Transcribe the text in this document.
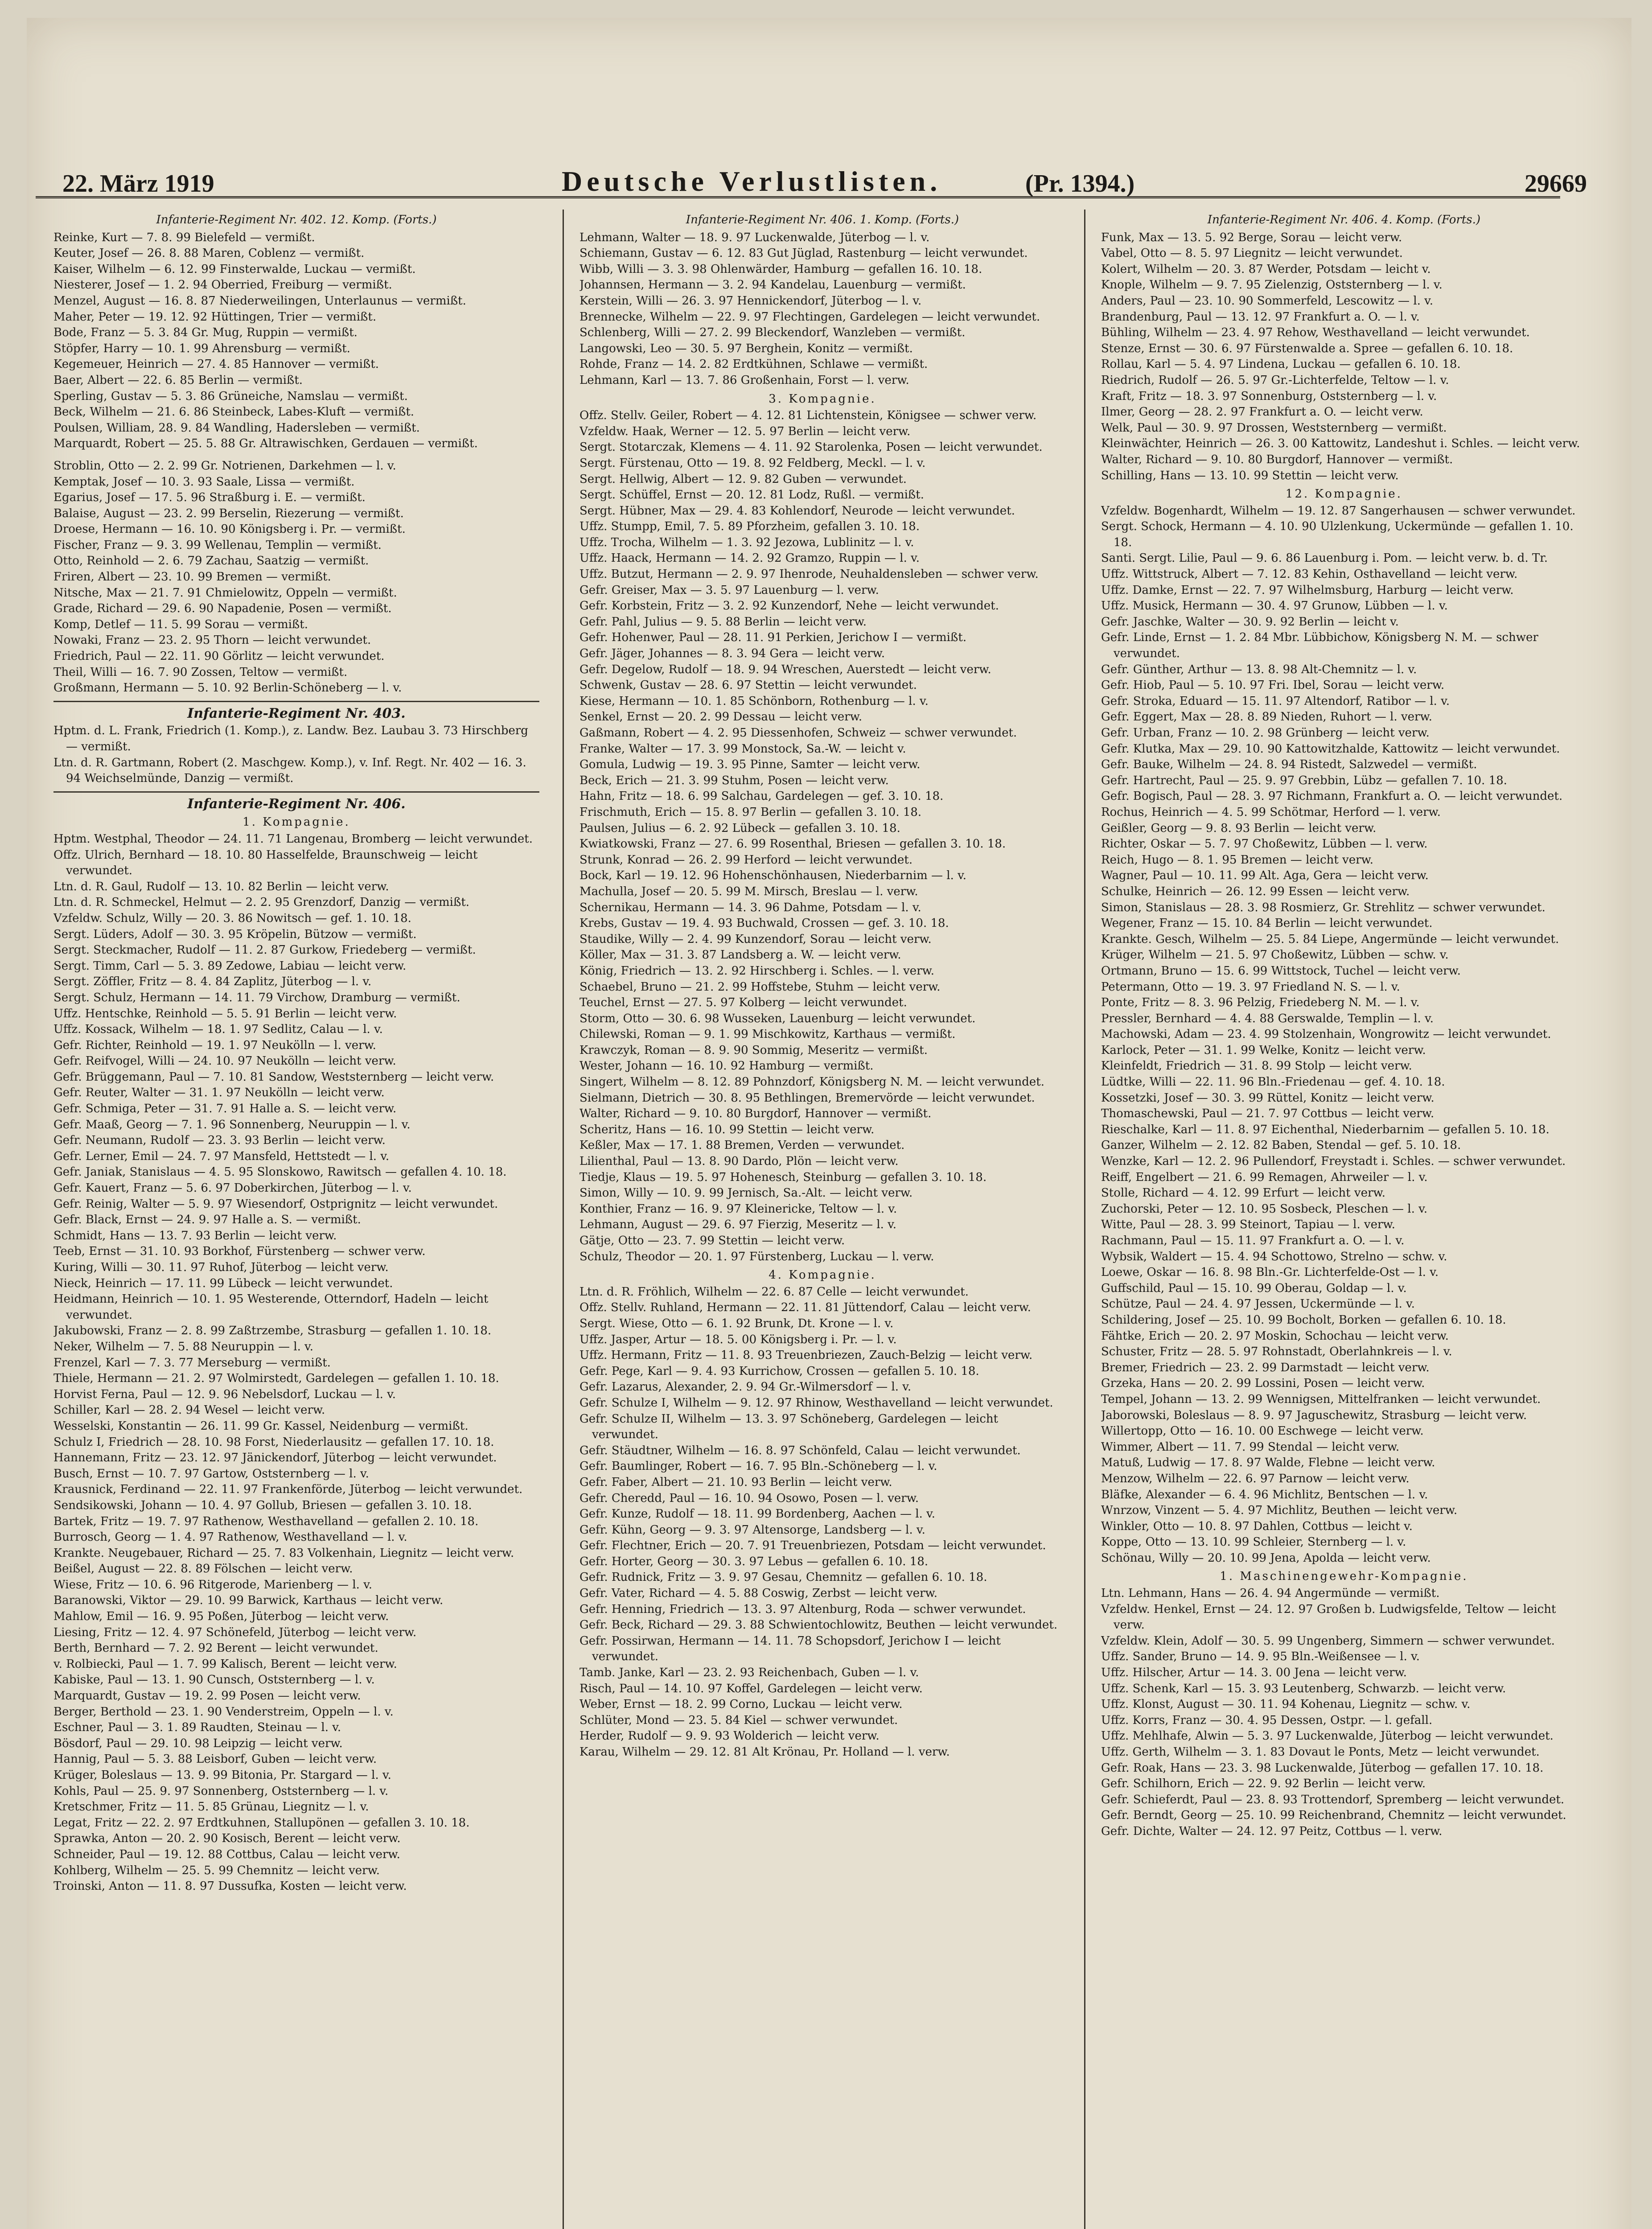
22. März 1919	Deutsche Verlustlisten.	(Pr. 1394.)	29669

Infanterie-Regiment Nr. 402. 12. Komp. (Forts.)

Reinke, Kurt — 7. 8. 99 Bielefeld — vermißt.

Keuter, Josef — 26. 8. 88 Maren, Coblenz — vermißt.

Kaiser, Wilhelm — 6. 12. 99 Finsterwalde, Luckau — vermißt.

Niesterer, Josef — 1. 2. 94 Oberried, Freiburg — vermißt.

Menzel, August — 16. 8. 87 Niederweilingen, Unterlaunus — vermißt.

Maher, Peter — 19. 12. 92 Hüttingen, Trier — vermißt.

Bode, Franz — 5. 3. 84 Gr. Mug, Ruppin — vermißt.

Stöpfer, Harry — 10. 1. 99 Ahrensburg — vermißt.

Kegemeuer, Heinrich — 27. 4. 85 Hannover — vermißt.

Baer, Albert — 22. 6. 85 Berlin — vermißt.

Sperling, Gustav — 5. 3. 86 Grüneiche, Namslau — vermißt.

Beck, Wilhelm — 21. 6. 86 Steinbeck, Labes-Kluft — vermißt.

Poulsen, William, 28. 9. 84 Wandling, Hadersleben — vermißt.

Marquardt, Robert — 25. 5. 88 Gr. Altrawischken, Gerdauen — vermißt.

Stroblin, Otto — 2. 2. 99 Gr. Notrienen, Darkehmen — l. v.

Kemptak, Josef — 10. 3. 93 Saale, Lissa — vermißt.

Egarius, Josef — 17. 5. 96 Straßburg i. E. — vermißt.

Balaise, August — 23. 2. 99 Berselin, Riezerung — vermißt.

Droese, Hermann — 16. 10. 90 Königsberg i. Pr. — vermißt.

Fischer, Franz — 9. 3. 99 Wellenau, Templin — vermißt.

Otto, Reinhold — 2. 6. 79 Zachau, Saatzig — vermißt.

Friren, Albert — 23. 10. 99 Bremen — vermißt.

Nitsche, Max — 21. 7. 91 Chmielowitz, Oppeln — vermißt.

Grade, Richard — 29. 6. 90 Napadenie, Posen — vermißt.

Komp, Detlef — 11. 5. 99 Sorau — vermißt.

Nowaki, Franz — 23. 2. 95 Thorn — leicht verwundet.

Friedrich, Paul — 22. 11. 90 Görlitz — leicht verwundet.

Theil, Willi — 16. 7. 90 Zossen, Teltow — vermißt.

Großmann, Hermann — 5. 10. 92 Berlin-Schöneberg — l. v.

Infanterie-Regiment Nr. 403.

Hptm. d. L. Frank, Friedrich (1. Komp.), z. Landw. Bez. Laubau 3. 73 Hirschberg — vermißt.

Ltn. d. R. Gartmann, Robert (2. Maschgew. Komp.), v. Inf. Regt. Nr. 402 — 16. 3. 94 Weichselmünde, Danzig — vermißt.

Infanterie-Regiment Nr. 406.

1. Kompagnie.

Hptm. Westphal, Theodor — 24. 11. 71 Langenau, Bromberg — leicht verwundet.

Offz. Ulrich, Bernhard — 18. 10. 80 Hasselfelde, Braunschweig — leicht verwundet.

Ltn. d. R. Gaul, Rudolf — 13. 10. 82 Berlin — leicht verw.

Ltn. d. R. Schmeckel, Helmut — 2. 2. 95 Grenzdorf, Danzig — vermißt.

Vzfeldw. Schulz, Willy — 20. 3. 86 Nowitsch — gef. 1. 10. 18.

Sergt. Lüders, Adolf — 30. 3. 95 Kröpelin, Bützow — vermißt.

Sergt. Steckmacher, Rudolf — 11. 2. 87 Gurkow, Friedeberg — vermißt.

Sergt. Timm, Carl — 5. 3. 89 Zedowe, Labiau — leicht verw.

Sergt. Zöffler, Fritz — 8. 4. 84 Zaplitz, Jüterbog — l. v.

Sergt. Schulz, Hermann — 14. 11. 79 Virchow, Dramburg — vermißt.

Uffz. Hentschke, Reinhold — 5. 5. 91 Berlin — leicht verw.

Uffz. Kossack, Wilhelm — 18. 1. 97 Sedlitz, Calau — l. v.

Gefr. Richter, Reinhold — 19. 1. 97 Neukölln — l. verw.

Gefr. Reifvogel, Willi — 24. 10. 97 Neukölln — leicht verw.

Gefr. Brüggemann, Paul — 7. 10. 81 Sandow, Weststernberg — leicht verw.

Gefr. Reuter, Walter — 31. 1. 97 Neukölln — leicht verw.

Gefr. Schmiga, Peter — 31. 7. 91 Halle a. S. — leicht verw.

Gefr. Maaß, Georg — 7. 1. 96 Sonnenberg, Neuruppin — l. v.

Gefr. Neumann, Rudolf — 23. 3. 93 Berlin — leicht verw.

Gefr. Lerner, Emil — 24. 7. 97 Mansfeld, Hettstedt — l. v.

Gefr. Janiak, Stanislaus — 4. 5. 95 Slonskowo, Rawitsch — gefallen 4. 10. 18.

Gefr. Kauert, Franz — 5. 6. 97 Doberkirchen, Jüterbog — l. v.

Gefr. Reinig, Walter — 5. 9. 97 Wiesendorf, Ostprignitz — leicht verwundet.

Gefr. Black, Ernst — 24. 9. 97 Halle a. S. — vermißt.

Schmidt, Hans — 13. 7. 93 Berlin — leicht verw.

Teeb, Ernst — 31. 10. 93 Borkhof, Fürstenberg — schwer verw.

Kuring, Willi — 30. 11. 97 Ruhof, Jüterbog — leicht verw.

Nieck, Heinrich — 17. 11. 99 Lübeck — leicht verwundet.

Heidmann, Heinrich — 10. 1. 95 Westerende, Otterndorf, Hadeln — leicht verwundet.

Jakubowski, Franz — 2. 8. 99 Zaßtrzembe, Strasburg — gefallen 1. 10. 18.

Neker, Wilhelm — 7. 5. 88 Neuruppin — l. v.

Frenzel, Karl — 7. 3. 77 Merseburg — vermißt.

Thiele, Hermann — 21. 2. 97 Wolmirstedt, Gardelegen — gefallen 1. 10. 18.

Horvist Ferna, Paul — 12. 9. 96 Nebelsdorf, Luckau — l. v.

Schiller, Karl — 28. 2. 94 Wesel — leicht verw.

Wesselski, Konstantin — 26. 11. 99 Gr. Kassel, Neidenburg — vermißt.

Schulz I, Friedrich — 28. 10. 98 Forst, Niederlausitz — gefallen 17. 10. 18.

Hannemann, Fritz — 23. 12. 97 Jänickendorf, Jüterbog — leicht verwundet.

Busch, Ernst — 10. 7. 97 Gartow, Oststernberg — l. v.

Krausnick, Ferdinand — 22. 11. 97 Frankenförde, Jüterbog — leicht verwundet.

Sendsikowski, Johann — 10. 4. 97 Gollub, Briesen — gefallen 3. 10. 18.

Bartek, Fritz — 19. 7. 97 Rathenow, Westhavelland — gefallen 2. 10. 18.

Burrosch, Georg — 1. 4. 97 Rathenow, Westhavelland — l. v.

Krankte. Neugebauer, Richard — 25. 7. 83 Volkenhain, Liegnitz — leicht verw.

Beißel, August — 22. 8. 89 Fölschen — leicht verw.

Wiese, Fritz — 10. 6. 96 Ritgerode, Marienberg — l. v.

Baranowski, Viktor — 29. 10. 99 Barwick, Karthaus — leicht verw.

Mahlow, Emil — 16. 9. 95 Poßen, Jüterbog — leicht verw.

Liesing, Fritz — 12. 4. 97 Schönefeld, Jüterbog — leicht verw.

Berth, Bernhard — 7. 2. 92 Berent — leicht verwundet.

v. Rolbiecki, Paul — 1. 7. 99 Kalisch, Berent — leicht verw.

Kabiske, Paul — 13. 1. 90 Cunsch, Oststernberg — l. v.

Marquardt, Gustav — 19. 2. 99 Posen — leicht verw.

Berger, Berthold — 23. 1. 90 Venderstreim, Oppeln — l. v.

Eschner, Paul — 3. 1. 89 Raudten, Steinau — l. v.

Bösdorf, Paul — 29. 10. 98 Leipzig — leicht verw.

Hannig, Paul — 5. 3. 88 Leisborf, Guben — leicht verw.

Krüger, Boleslaus — 13. 9. 99 Bitonia, Pr. Stargard — l. v.

Kohls, Paul — 25. 9. 97 Sonnenberg, Oststernberg — l. v.

Kretschmer, Fritz — 11. 5. 85 Grünau, Liegnitz — l. v.

Legat, Fritz — 22. 2. 97 Erdtkuhnen, Stallupönen — gefallen 3. 10. 18.

Sprawka, Anton — 20. 2. 90 Kosisch, Berent — leicht verw.

Schneider, Paul — 19. 12. 88 Cottbus, Calau — leicht verw.

Kohlberg, Wilhelm — 25. 5. 99 Chemnitz — leicht verw.

Troinski, Anton — 11. 8. 97 Dussufka, Kosten — leicht verw.

Infanterie-Regiment Nr. 406. 1. Komp. (Forts.)

Lehmann, Walter — 18. 9. 97 Luckenwalde, Jüterbog — l. v.

Schiemann, Gustav — 6. 12. 83 Gut Jüglad, Rastenburg — leicht verwundet.

Wibb, Willi — 3. 3. 98 Ohlenwärder, Hamburg — gefallen 16. 10. 18.

Johannsen, Hermann — 3. 2. 94 Kandelau, Lauenburg — vermißt.

Kerstein, Willi — 26. 3. 97 Hennickendorf, Jüterbog — l. v.

Brennecke, Wilhelm — 22. 9. 97 Flechtingen, Gardelegen — leicht verwundet.

Schlenberg, Willi — 27. 2. 99 Bleckendorf, Wanzleben — vermißt.

Langowski, Leo — 30. 5. 97 Berghein, Konitz — vermißt.

Rohde, Franz — 14. 2. 82 Erdtkühnen, Schlawe — vermißt.

Lehmann, Karl — 13. 7. 86 Großenhain, Forst — l. verw.

3. Kompagnie.

Offz. Stellv. Geiler, Robert — 4. 12. 81 Lichtenstein, Königsee — schwer verw.

Vzfeldw. Haak, Werner — 12. 5. 97 Berlin — leicht verw.

Sergt. Stotarczak, Klemens — 4. 11. 92 Starolenka, Posen — leicht verwundet.

Sergt. Fürstenau, Otto — 19. 8. 92 Feldberg, Meckl. — l. v.

Sergt. Hellwig, Albert — 12. 9. 82 Guben — verwundet.

Sergt. Schüffel, Ernst — 20. 12. 81 Lodz, Rußl. — vermißt.

Sergt. Hübner, Max — 29. 4. 83 Kohlendorf, Neurode — leicht verwundet.

Uffz. Stumpp, Emil, 7. 5. 89 Pforzheim, gefallen 3. 10. 18.

Uffz. Trocha, Wilhelm — 1. 3. 92 Jezowa, Lublinitz — l. v.

Uffz. Haack, Hermann — 14. 2. 92 Gramzo, Ruppin — l. v.

Uffz. Butzut, Hermann — 2. 9. 97 Ihenrode, Neuhaldensleben — schwer verw.

Gefr. Greiser, Max — 3. 5. 97 Lauenburg — l. verw.

Gefr. Korbstein, Fritz — 3. 2. 92 Kunzendorf, Nehe — leicht verwundet.

Gefr. Pahl, Julius — 9. 5. 88 Berlin — leicht verw.

Gefr. Hohenwer, Paul — 28. 11. 91 Perkien, Jerichow I — vermißt.

Gefr. Jäger, Johannes — 8. 3. 94 Gera — leicht verw.

Gefr. Degelow, Rudolf — 18. 9. 94 Wreschen, Auerstedt — leicht verw.

Schwenk, Gustav — 28. 6. 97 Stettin — leicht verwundet.

Kiese, Hermann — 10. 1. 85 Schönborn, Rothenburg — l. v.

Senkel, Ernst — 20. 2. 99 Dessau — leicht verw.

Gaßmann, Robert — 4. 2. 95 Diessenhofen, Schweiz — schwer verwundet.

Franke, Walter — 17. 3. 99 Monstock, Sa.-W. — leicht v.

Gomula, Ludwig — 19. 3. 95 Pinne, Samter — leicht verw.

Beck, Erich — 21. 3. 99 Stuhm, Posen — leicht verw.

Hahn, Fritz — 18. 6. 99 Salchau, Gardelegen — gef. 3. 10. 18.

Frischmuth, Erich — 15. 8. 97 Berlin — gefallen 3. 10. 18.

Paulsen, Julius — 6. 2. 92 Lübeck — gefallen 3. 10. 18.

Kwiatkowski, Franz — 27. 6. 99 Rosenthal, Briesen — gefallen 3. 10. 18.

Strunk, Konrad — 26. 2. 99 Herford — leicht verwundet.

Bock, Karl — 19. 12. 96 Hohenschönhausen, Niederbarnim — l. v.

Machulla, Josef — 20. 5. 99 M. Mirsch, Breslau — l. verw.

Schernikau, Hermann — 14. 3. 96 Dahme, Potsdam — l. v.

Krebs, Gustav — 19. 4. 93 Buchwald, Crossen — gef. 3. 10. 18.

Staudike, Willy — 2. 4. 99 Kunzendorf, Sorau — leicht verw.

Köller, Max — 31. 3. 87 Landsberg a. W. — leicht verw.

König, Friedrich — 13. 2. 92 Hirschberg i. Schles. — l. verw.

Schaebel, Bruno — 21. 2. 99 Hoffstebe, Stuhm — leicht verw.

Teuchel, Ernst — 27. 5. 97 Kolberg — leicht verwundet.

Storm, Otto — 30. 6. 98 Wusseken, Lauenburg — leicht verwundet.

Chilewski, Roman — 9. 1. 99 Mischkowitz, Karthaus — vermißt.

Krawczyk, Roman — 8. 9. 90 Sommig, Meseritz — vermißt.

Wester, Johann — 16. 10. 92 Hamburg — vermißt.

Singert, Wilhelm — 8. 12. 89 Pohnzdorf, Königsberg N. M. — leicht verwundet.

Sielmann, Dietrich — 30. 8. 95 Bethlingen, Bremervörde — leicht verwundet.

Walter, Richard — 9. 10. 80 Burgdorf, Hannover — vermißt.

Scheritz, Hans — 16. 10. 99 Stettin — leicht verw.

Keßler, Max — 17. 1. 88 Bremen, Verden — verwundet.

Lilienthal, Paul — 13. 8. 90 Dardo, Plön — leicht verw.

Tiedje, Klaus — 19. 5. 97 Hohenesch, Steinburg — gefallen 3. 10. 18.

Simon, Willy — 10. 9. 99 Jernisch, Sa.-Alt. — leicht verw.

Konthier, Franz — 16. 9. 97 Kleinericke, Teltow — l. v.

Lehmann, August — 29. 6. 97 Fierzig, Meseritz — l. v.

Gätje, Otto — 23. 7. 99 Stettin — leicht verw.

Schulz, Theodor — 20. 1. 97 Fürstenberg, Luckau — l. verw.

4. Kompagnie.

Ltn. d. R. Fröhlich, Wilhelm — 22. 6. 87 Celle — leicht verwundet.

Offz. Stellv. Ruhland, Hermann — 22. 11. 81 Jüttendorf, Calau — leicht verw.

Sergt. Wiese, Otto — 6. 1. 92 Brunk, Dt. Krone — l. v.

Uffz. Jasper, Artur — 18. 5. 00 Königsberg i. Pr. — l. v.

Uffz. Hermann, Fritz — 11. 8. 93 Treuenbriezen, Zauch-Belzig — leicht verw.

Gefr. Pege, Karl — 9. 4. 93 Kurrichow, Crossen — gefallen 5. 10. 18.

Gefr. Lazarus, Alexander, 2. 9. 94 Gr.-Wilmersdorf — l. v.

Gefr. Schulze I, Wilhelm — 9. 12. 97 Rhinow, Westhavelland — leicht verwundet.

Gefr. Schulze II, Wilhelm — 13. 3. 97 Schöneberg, Gardelegen — leicht verwundet.

Gefr. Stäudtner, Wilhelm — 16. 8. 97 Schönfeld, Calau — leicht verwundet.

Gefr. Baumlinger, Robert — 16. 7. 95 Bln.-Schöneberg — l. v.

Gefr. Faber, Albert — 21. 10. 93 Berlin — leicht verw.

Gefr. Cheredd, Paul — 16. 10. 94 Osowo, Posen — l. verw.

Gefr. Kunze, Rudolf — 18. 11. 99 Bordenberg, Aachen — l. v.

Gefr. Kühn, Georg — 9. 3. 97 Altensorge, Landsberg — l. v.

Gefr. Flechtner, Erich — 20. 7. 91 Treuenbriezen, Potsdam — leicht verwundet.

Gefr. Horter, Georg — 30. 3. 97 Lebus — gefallen 6. 10. 18.

Gefr. Rudnick, Fritz — 3. 9. 97 Gesau, Chemnitz — gefallen 6. 10. 18.

Gefr. Vater, Richard — 4. 5. 88 Coswig, Zerbst — leicht verw.

Gefr. Henning, Friedrich — 13. 3. 97 Altenburg, Roda — schwer verwundet.

Gefr. Beck, Richard — 29. 3. 88 Schwientochlowitz, Beuthen — leicht verwundet.

Gefr. Possirwan, Hermann — 14. 11. 78 Schopsdorf, Jerichow I — leicht verwundet.

Tamb. Janke, Karl — 23. 2. 93 Reichenbach, Guben — l. v.

Risch, Paul — 14. 10. 97 Koffel, Gardelegen — leicht verw.

Weber, Ernst — 18. 2. 99 Corno, Luckau — leicht verw.

Schlüter, Mond — 23. 5. 84 Kiel — schwer verwundet.

Herder, Rudolf — 9. 9. 93 Wolderich — leicht verw.

Karau, Wilhelm — 29. 12. 81 Alt Krönau, Pr. Holland — l. verw.

Infanterie-Regiment Nr. 406. 4. Komp. (Forts.)

Funk, Max — 13. 5. 92 Berge, Sorau — leicht verw.

Vabel, Otto — 8. 5. 97 Liegnitz — leicht verwundet.

Kolert, Wilhelm — 20. 3. 87 Werder, Potsdam — leicht v.

Knople, Wilhelm — 9. 7. 95 Zielenzig, Oststernberg — l. v.

Anders, Paul — 23. 10. 90 Sommerfeld, Lescowitz — l. v.

Brandenburg, Paul — 13. 12. 97 Frankfurt a. O. — l. v.

Bühling, Wilhelm — 23. 4. 97 Rehow, Westhavelland — leicht verwundet.

Stenze, Ernst — 30. 6. 97 Fürstenwalde a. Spree — gefallen 6. 10. 18.

Rollau, Karl — 5. 4. 97 Lindena, Luckau — gefallen 6. 10. 18.

Riedrich, Rudolf — 26. 5. 97 Gr.-Lichterfelde, Teltow — l. v.

Kraft, Fritz — 18. 3. 97 Sonnenburg, Oststernberg — l. v.

Ilmer, Georg — 28. 2. 97 Frankfurt a. O. — leicht verw.

Welk, Paul — 30. 9. 97 Drossen, Weststernberg — vermißt.

Kleinwächter, Heinrich — 26. 3. 00 Kattowitz, Landeshut i. Schles. — leicht verw.

Walter, Richard — 9. 10. 80 Burgdorf, Hannover — vermißt.

Schilling, Hans — 13. 10. 99 Stettin — leicht verw.

12. Kompagnie.

Vzfeldw. Bogenhardt, Wilhelm — 19. 12. 87 Sangerhausen — schwer verwundet.

Sergt. Schock, Hermann — 4. 10. 90 Ulzlenkung, Uckermünde — gefallen 1. 10. 18.

Santi. Sergt. Lilie, Paul — 9. 6. 86 Lauenburg i. Pom. — leicht verw. b. d. Tr.

Uffz. Wittstruck, Albert — 7. 12. 83 Kehin, Osthavelland — leicht verw.

Uffz. Damke, Ernst — 22. 7. 97 Wilhelmsburg, Harburg — leicht verw.

Uffz. Musick, Hermann — 30. 4. 97 Grunow, Lübben — l. v.

Gefr. Jaschke, Walter — 30. 9. 92 Berlin — leicht v.

Gefr. Linde, Ernst — 1. 2. 84 Mbr. Lübbichow, Königsberg N. M. — schwer verwundet.

Gefr. Günther, Arthur — 13. 8. 98 Alt-Chemnitz — l. v.

Gefr. Hiob, Paul — 5. 10. 97 Fri. Ibel, Sorau — leicht verw.

Gefr. Stroka, Eduard — 15. 11. 97 Altendorf, Ratibor — l. v.

Gefr. Eggert, Max — 28. 8. 89 Nieden, Ruhort — l. verw.

Gefr. Urban, Franz — 10. 2. 98 Grünberg — leicht verw.

Gefr. Klutka, Max — 29. 10. 90 Kattowitzhalde, Kattowitz — leicht verwundet.

Gefr. Bauke, Wilhelm — 24. 8. 94 Ristedt, Salzwedel — vermißt.

Gefr. Hartrecht, Paul — 25. 9. 97 Grebbin, Lübz — gefallen 7. 10. 18.

Gefr. Bogisch, Paul — 28. 3. 97 Richmann, Frankfurt a. O. — leicht verwundet.

Rochus, Heinrich — 4. 5. 99 Schötmar, Herford — l. verw.

Geißler, Georg — 9. 8. 93 Berlin — leicht verw.

Richter, Oskar — 5. 7. 97 Choßewitz, Lübben — l. verw.

Reich, Hugo — 8. 1. 95 Bremen — leicht verw.

Wagner, Paul — 10. 11. 99 Alt. Aga, Gera — leicht verw.

Schulke, Heinrich — 26. 12. 99 Essen — leicht verw.

Simon, Stanislaus — 28. 3. 98 Rosmierz, Gr. Strehlitz — schwer verwundet.

Wegener, Franz — 15. 10. 84 Berlin — leicht verwundet.

Krankte. Gesch, Wilhelm — 25. 5. 84 Liepe, Angermünde — leicht verwundet.

Krüger, Wilhelm — 21. 5. 97 Choßewitz, Lübben — schw. v.

Ortmann, Bruno — 15. 6. 99 Wittstock, Tuchel — leicht verw.

Petermann, Otto — 19. 3. 97 Friedland N. S. — l. v.

Ponte, Fritz — 8. 3. 96 Pelzig, Friedeberg N. M. — l. v.

Pressler, Bernhard — 4. 4. 88 Gerswalde, Templin — l. v.

Machowski, Adam — 23. 4. 99 Stolzenhain, Wongrowitz — leicht verwundet.

Karlock, Peter — 31. 1. 99 Welke, Konitz — leicht verw.

Kleinfeldt, Friedrich — 31. 8. 99 Stolp — leicht verw.

Lüdtke, Willi — 22. 11. 96 Bln.-Friedenau — gef. 4. 10. 18.

Kossetzki, Josef — 30. 3. 99 Rüttel, Konitz — leicht verw.

Thomaschewski, Paul — 21. 7. 97 Cottbus — leicht verw.

Rieschalke, Karl — 11. 8. 97 Eichenthal, Niederbarnim — gefallen 5. 10. 18.

Ganzer, Wilhelm — 2. 12. 82 Baben, Stendal — gef. 5. 10. 18.

Wenzke, Karl — 12. 2. 96 Pullendorf, Freystadt i. Schles. — schwer verwundet.

Reiff, Engelbert — 21. 6. 99 Remagen, Ahrweiler — l. v.

Stolle, Richard — 4. 12. 99 Erfurt — leicht verw.

Zuchorski, Peter — 12. 10. 95 Sosbeck, Pleschen — l. v.

Witte, Paul — 28. 3. 99 Steinort, Tapiau — l. verw.

Rachmann, Paul — 15. 11. 97 Frankfurt a. O. — l. v.

Wybsik, Waldert — 15. 4. 94 Schottowo, Strelno — schw. v.

Loewe, Oskar — 16. 8. 98 Bln.-Gr. Lichterfelde-Ost — l. v.

Guffschild, Paul — 15. 10. 99 Oberau, Goldap — l. v.

Schütze, Paul — 24. 4. 97 Jessen, Uckermünde — l. v.

Schildering, Josef — 25. 10. 99 Bocholt, Borken — gefallen 6. 10. 18.

Fähtke, Erich — 20. 2. 97 Moskin, Schochau — leicht verw.

Schuster, Fritz — 28. 5. 97 Rohnstadt, Oberlahnkreis — l. v.

Bremer, Friedrich — 23. 2. 99 Darmstadt — leicht verw.

Grzeka, Hans — 20. 2. 99 Lossini, Posen — leicht verw.

Tempel, Johann — 13. 2. 99 Wennigsen, Mittelfranken — leicht verwundet.

Jaborowski, Boleslaus — 8. 9. 97 Jaguschewitz, Strasburg — leicht verw.

Willertopp, Otto — 16. 10. 00 Eschwege — leicht verw.

Wimmer, Albert — 11. 7. 99 Stendal — leicht verw.

Matuß, Ludwig — 17. 8. 97 Walde, Flebne — leicht verw.

Menzow, Wilhelm — 22. 6. 97 Parnow — leicht verw.

Bläfke, Alexander — 6. 4. 96 Michlitz, Bentschen — l. v.

Wnrzow, Vinzent — 5. 4. 97 Michlitz, Beuthen — leicht verw.

Winkler, Otto — 10. 8. 97 Dahlen, Cottbus — leicht v.

Koppe, Otto — 13. 10. 99 Schleier, Sternberg — l. v.

Schönau, Willy — 20. 10. 99 Jena, Apolda — leicht verw.

1. Maschinengewehr-Kompagnie.

Ltn. Lehmann, Hans — 26. 4. 94 Angermünde — vermißt.

Vzfeldw. Henkel, Ernst — 24. 12. 97 Großen b. Ludwigsfelde, Teltow — leicht verw.

Vzfeldw. Klein, Adolf — 30. 5. 99 Ungenberg, Simmern — schwer verwundet.

Uffz. Sander, Bruno — 14. 9. 95 Bln.-Weißensee — l. v.

Uffz. Hilscher, Artur — 14. 3. 00 Jena — leicht verw.

Uffz. Schenk, Karl — 15. 3. 93 Leutenberg, Schwarzb. — leicht verw.

Uffz. Klonst, August — 30. 11. 94 Kohenau, Liegnitz — schw. v.

Uffz. Korrs, Franz — 30. 4. 95 Dessen, Ostpr. — l. gefall.

Uffz. Mehlhafe, Alwin — 5. 3. 97 Luckenwalde, Jüterbog — leicht verwundet.

Uffz. Gerth, Wilhelm — 3. 1. 83 Dovaut le Ponts, Metz — leicht verwundet.

Gefr. Roak, Hans — 23. 3. 98 Luckenwalde, Jüterbog — gefallen 17. 10. 18.

Gefr. Schilhorn, Erich — 22. 9. 92 Berlin — leicht verw.

Gefr. Schieferdt, Paul — 23. 8. 93 Trottendorf, Spremberg — leicht verwundet.

Gefr. Berndt, Georg — 25. 10. 99 Reichenbrand, Chemnitz — leicht verwundet.

Gefr. Dichte, Walter — 24. 12. 97 Peitz, Cottbus — l. verw.
